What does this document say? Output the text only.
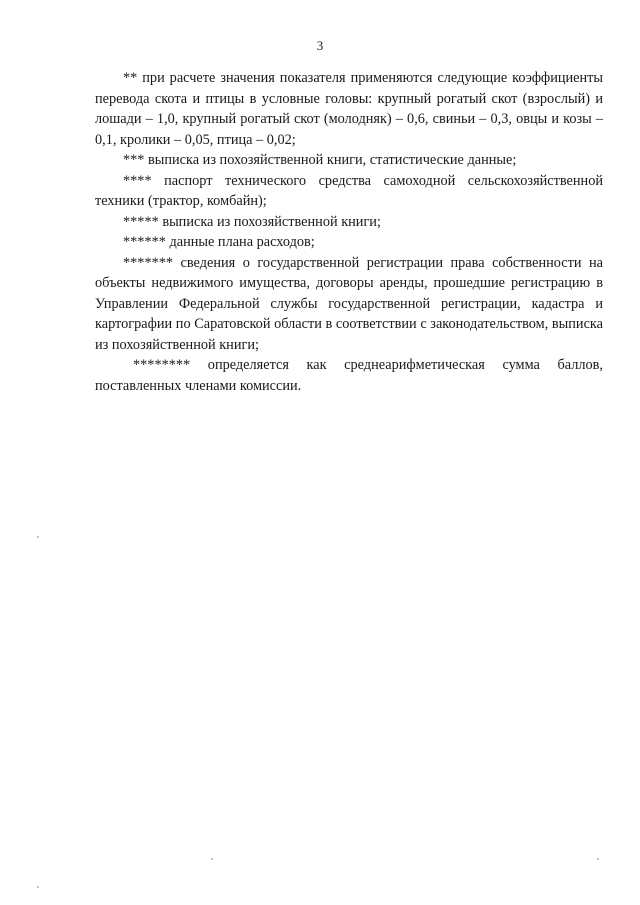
3

** при расчете значения показателя применяются следующие коэффициенты перевода скота и птицы в условные головы: крупный рогатый скот (взрослый) и лошади – 1,0, крупный рогатый скот (молодняк) – 0,6, свиньи – 0,3, овцы и козы – 0,1, кролики – 0,05, птица – 0,02;

*** выписка из похозяйственной книги, статистические данные;

**** паспорт технического средства самоходной сельскохозяйственной техники (трактор, комбайн);

***** выписка из похозяйственной книги;

****** данные плана расходов;

******* сведения о государственной регистрации права собственности на объекты недвижимого имущества, договоры аренды, прошедшие регистрацию в Управлении Федеральной службы государственной регистрации, кадастра и картографии по Саратовской области в соответствии с законодательством, выписка из похозяйственной книги;

******** определяется как среднеарифметическая сумма баллов, поставленных членами комиссии.
